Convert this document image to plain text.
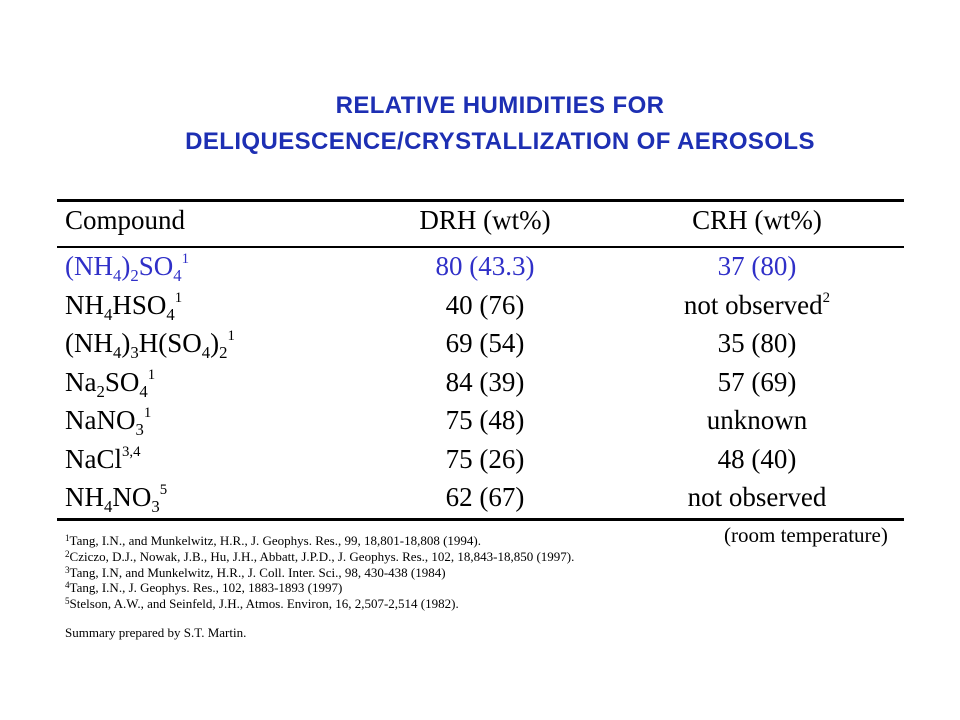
RELATIVE HUMIDITIES FOR
DELIQUESCENCE/CRYSTALLIZATION OF AEROSOLS
Compound	DRH (wt%)	CRH (wt%)
$(NH_4)_2SO_4^1$	80 (43.3)	37 (80)
$NH_4HSO_4^1$	40 (76)	not observed$^2$
$(NH_4)_3H(SO_4)_2^1$	69 (54)	35 (80)
$Na_2SO_4^1$	84 (39)	57 (69)
NaNO$_3^1$	75 (48)	unknown
NaCl$^{3,4}$	75 (26)	48 (40)
$NH_4NO_3^5$	62 (67)	not observed
(room temperature)
$^1$Tang, I.N., and Munkelwitz, H.R., J. Geophys. Res., 99, 18,801-18,808 (1994).
$^2$Cziczo, D.J., Nowak, J.B., Hu, J.H., Abbatt, J.P.D., J. Geophys. Res., 102, 18,843-18,850 (1997).
$^3$Tang, I.N, and Munkelwitz, H.R., J. Coll. Inter. Sci., 98, 430-438 (1984)
$^4$Tang, I.N., J. Geophys. Res., 102, 1883-1893 (1997)
$^5$Stelson, A.W., and Seinfeld, J.H., Atmos. Environ, 16, 2,507-2,514 (1982).
Summary prepared by S.T. Martin.
